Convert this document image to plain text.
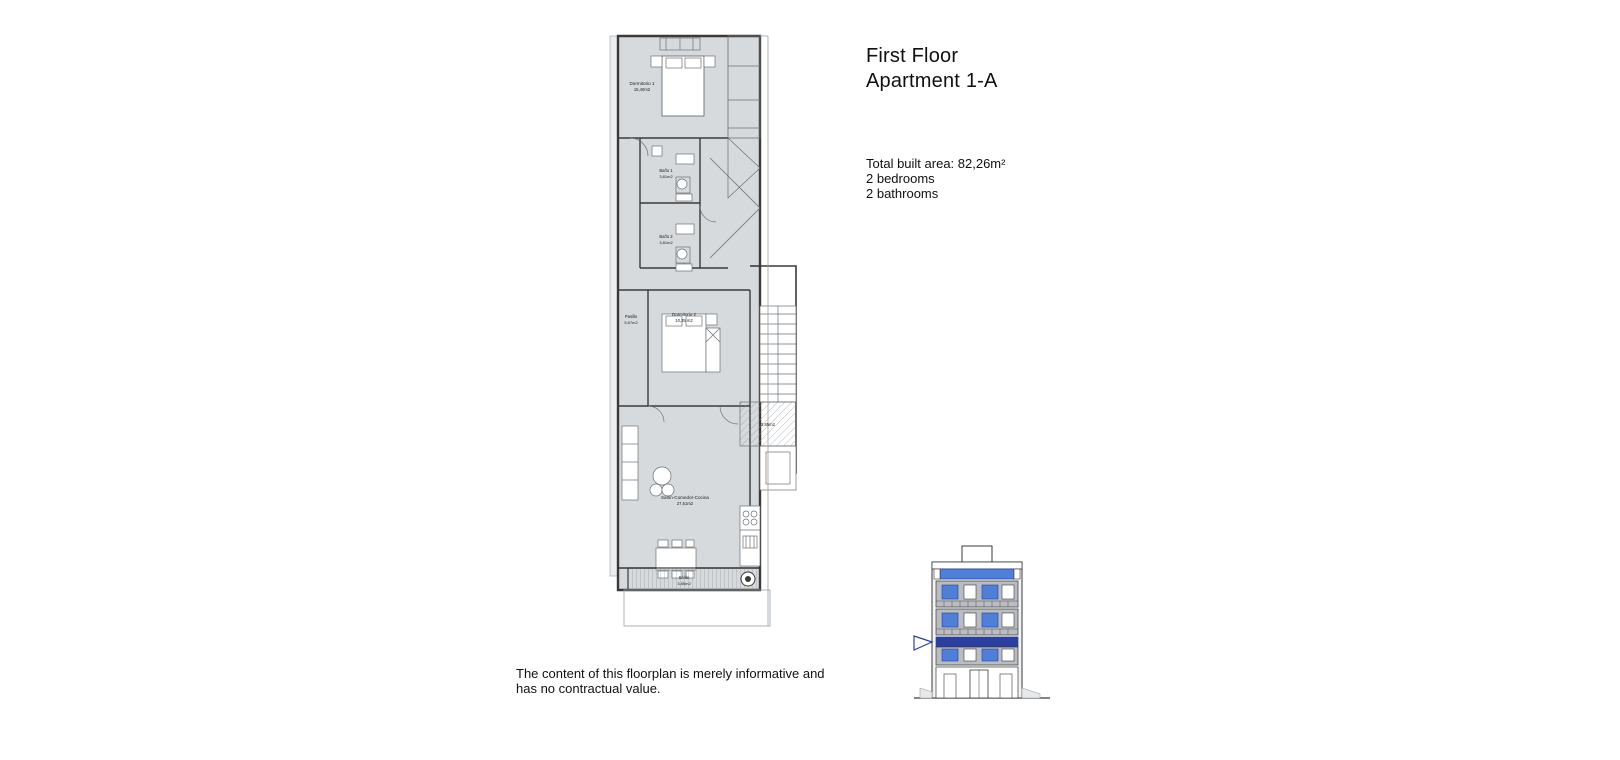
First Floor
Apartment 1-A
Total built area: 82,26m²
2 bedrooms
2 bathrooms
The content of this floorplan is merely informative and
has no contractual value.
Dormitorio 1
15,40m2
Baño 1
3,81m2
Baño 2
3,81m2
Pasillo
5,67m2
Dormitorio 2
10,25 m2
3,85m2
Salón-Comedor-Cocina
27,61m2
Salón
3,85m2
